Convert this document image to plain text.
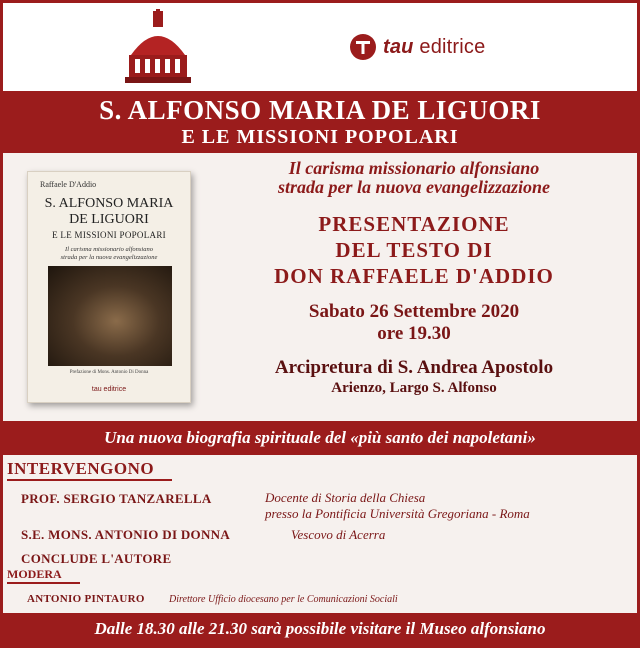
tau editrice
S. ALFONSO MARIA DE LIGUORI
E LE MISSIONI POPOLARI
Raffaele D'Addio
S. ALFONSO MARIA
DE LIGUORI
E LE MISSIONI POPOLARI
Il carisma missionario alfonsiano
strada per la nuova evangelizzazione
Prefazione di Mons. Antonio Di Donna
tau editrice
Il carisma missionario alfonsiano
strada per la nuova evangelizzazione
PRESENTAZIONE
DEL TESTO DI
DON RAFFAELE D'ADDIO
Sabato 26 Settembre 2020
ore 19.30
Arcipretura di S. Andrea Apostolo
Arienzo, Largo S. Alfonso
Una nuova biografia spirituale del «più santo dei napoletani»
INTERVENGONO
PROF. SERGIO TANZARELLA	Docente di Storia della Chiesa
presso la Pontificia Università Gregoriana - Roma
S.E. MONS. ANTONIO DI DONNA	Vescovo di Acerra
CONCLUDE L'AUTORE
MODERA
ANTONIO PINTAURO Direttore Ufficio diocesano per le Comunicazioni Sociali
Dalle 18.30 alle 21.30 sarà possibile visitare il Museo alfonsiano
